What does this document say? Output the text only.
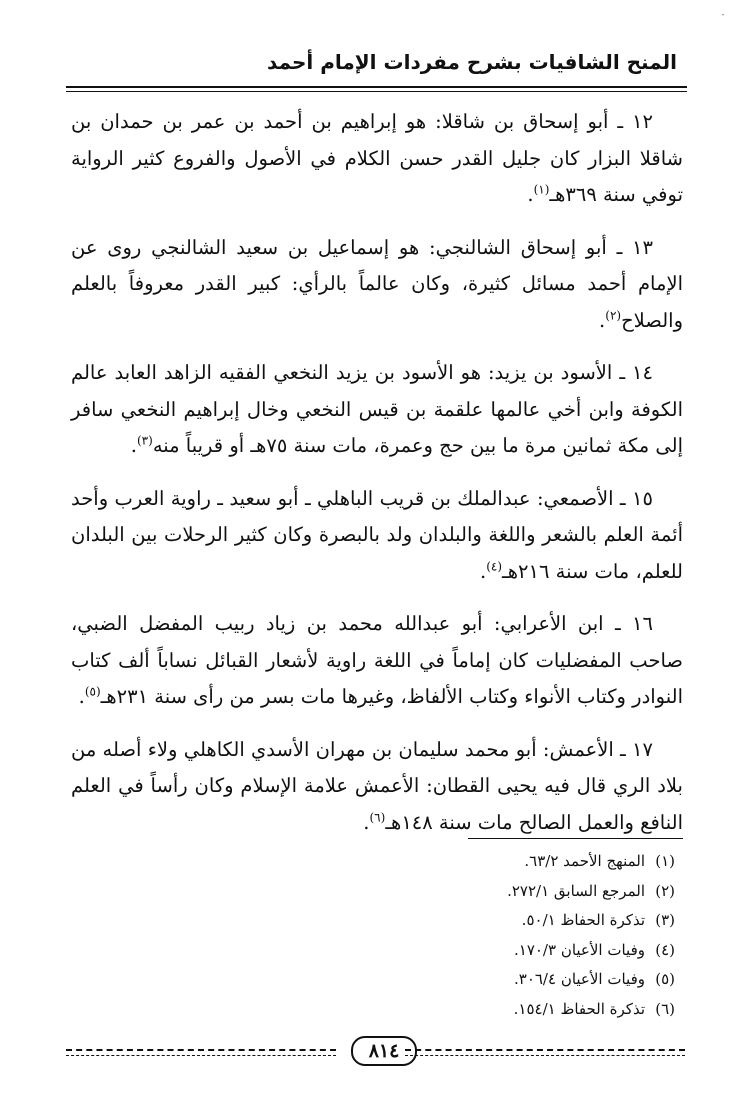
·
المنح الشافيات بشرح مفردات الإمام أحمد

١٢ ـ أبو إسحاق بن شاقلا: هو إبراهيم بن أحمد بن عمر بن حمدان بن شاقلا البزار كان جليل القدر حسن الكلام في الأصول والفروع كثير الرواية توفي سنة ٣٦٩هـ$^{(١)}$.

١٣ ـ أبو إسحاق الشالنجي: هو إسماعيل بن سعيد الشالنجي روى عن الإمام أحمد مسائل كثيرة، وكان عالماً بالرأي: كبير القدر معروفاً بالعلم والصلاح$^{(٢)}$.

١٤ ـ الأسود بن يزيد: هو الأسود بن يزيد النخعي الفقيه الزاهد العابد عالم الكوفة وابن أخي عالمها علقمة بن قيس النخعي وخال إبراهيم النخعي سافر إلى مكة ثمانين مرة ما بين حج وعمرة، مات سنة ٧٥هـ أو قريباً منه$^{(٣)}$.

١٥ ـ الأصمعي: عبدالملك بن قريب الباهلي ـ أبو سعيد ـ راوية العرب وأحد أئمة العلم بالشعر واللغة والبلدان ولد بالبصرة وكان كثير الرحلات بين البلدان للعلم، مات سنة ٢١٦هـ$^{(٤)}$.

١٦ ـ ابن الأعرابي: أبو عبدالله محمد بن زياد ربيب المفضل الضبي، صاحب المفضليات كان إماماً في اللغة راوية لأشعار القبائل نساباً ألف كتاب النوادر وكتاب الأنواء وكتاب الألفاظ، وغيرها مات بسر من رأى سنة ٢٣١هـ$^{(٥)}$.

١٧ ـ الأعمش: أبو محمد سليمان بن مهران الأسدي الكاهلي ولاء أصله من بلاد الري قال فيه يحيى القطان: الأعمش علامة الإسلام وكان رأساً في العلم النافع والعمل الصالح مات سنة ١٤٨هـ$^{(٦)}$.

(١)المنهج الأحمد ٦٣/٢.
(٢)المرجع السابق ٢٧٢/١.
(٣)تذكرة الحفاظ ٥٠/١.
(٤)وفيات الأعيان ١٧٠/٣.
(٥)وفيات الأعيان ٣٠٦/٤.
(٦)تذكرة الحفاظ ١٥٤/١.
٨١٤
